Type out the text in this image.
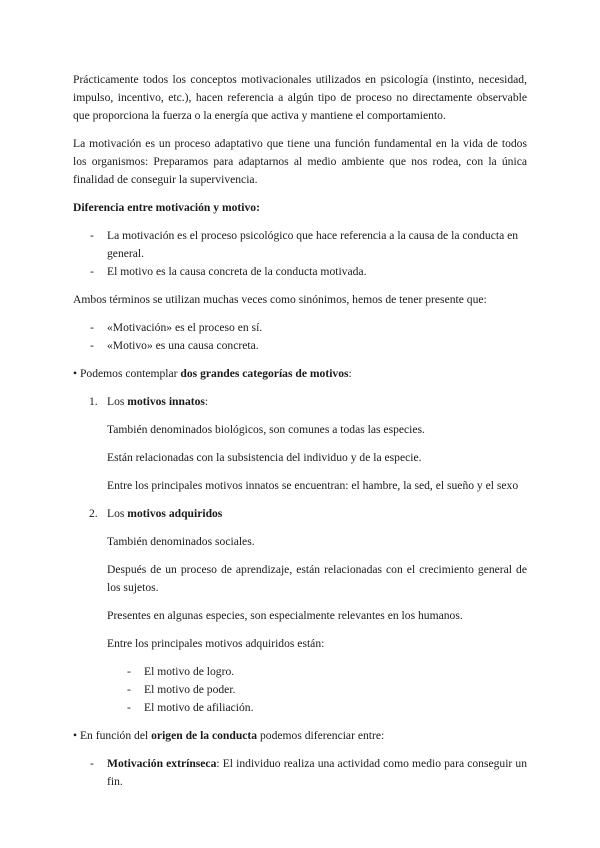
Prácticamente todos los conceptos motivacionales utilizados en psicología (instinto, necesidad, impulso, incentivo, etc.), hacen referencia a algún tipo de proceso no directamente observable que proporciona la fuerza o la energía que activa y mantiene el comportamiento.

La motivación es un proceso adaptativo que tiene una función fundamental en la vida de todos los organismos: Preparamos para adaptarnos al medio ambiente que nos rodea, con la única finalidad de conseguir la supervivencia.

Diferencia entre motivación y motivo:

- La motivación es el proceso psicológico que hace referencia a la causa de la conducta en general.
- El motivo es la causa concreta de la conducta motivada.

Ambos términos se utilizan muchas veces como sinónimos, hemos de tener presente que:

- «Motivación» es el proceso en sí.
- «Motivo» es una causa concreta.

• Podemos contemplar dos grandes categorías de motivos:

1. Los motivos innatos:

También denominados biológicos, son comunes a todas las especies.

Están relacionadas con la subsistencia del individuo y de la especie.

Entre los principales motivos innatos se encuentran: el hambre, la sed, el sueño y el sexo

2. Los motivos adquiridos

También denominados sociales.

Después de un proceso de aprendizaje, están relacionadas con el crecimiento general de los sujetos.

Presentes en algunas especies, son especialmente relevantes en los humanos.

Entre los principales motivos adquiridos están:

- El motivo de logro.
- El motivo de poder.
- El motivo de afiliación.

• En función del origen de la conducta podemos diferenciar entre:

- Motivación extrínseca: El individuo realiza una actividad como medio para conseguir un fin.
